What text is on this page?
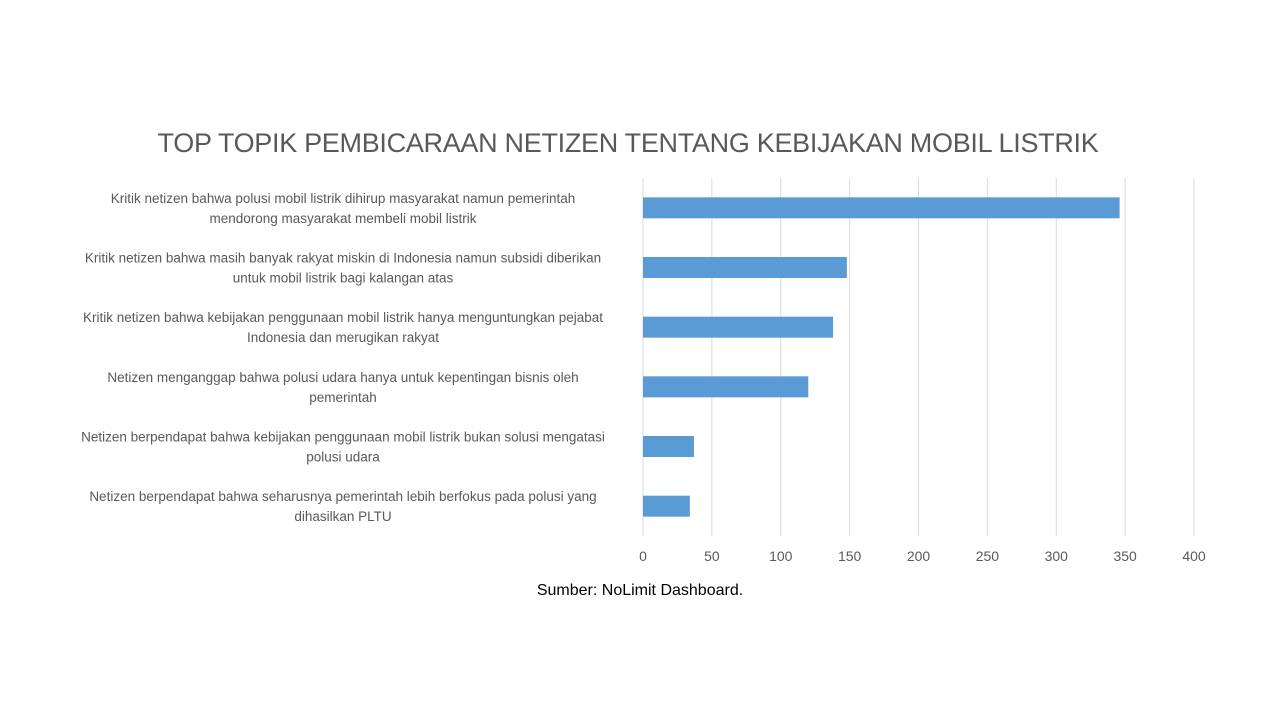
TOP TOPIK PEMBICARAAN NETIZEN TENTANG KEBIJAKAN MOBIL LISTRIK
0	50	100	150	200	250	300	350	400
Kritik netizen bahwa polusi mobil listrik dihirup masyarakat namun pemerintah mendorong masyarakat membeli mobil listrik
Kritik netizen bahwa masih banyak rakyat miskin di Indonesia namun subsidi diberikan untuk mobil listrik bagi kalangan atas
Kritik netizen bahwa kebijakan penggunaan mobil listrik hanya menguntungkan pejabat Indonesia dan merugikan rakyat
Netizen menganggap bahwa polusi udara hanya untuk kepentingan bisnis oleh pemerintah
Netizen berpendapat bahwa kebijakan penggunaan mobil listrik bukan solusi mengatasi polusi udara
Netizen berpendapat bahwa seharusnya pemerintah lebih berfokus pada polusi yang dihasilkan PLTU
Sumber: NoLimit Dashboard.
